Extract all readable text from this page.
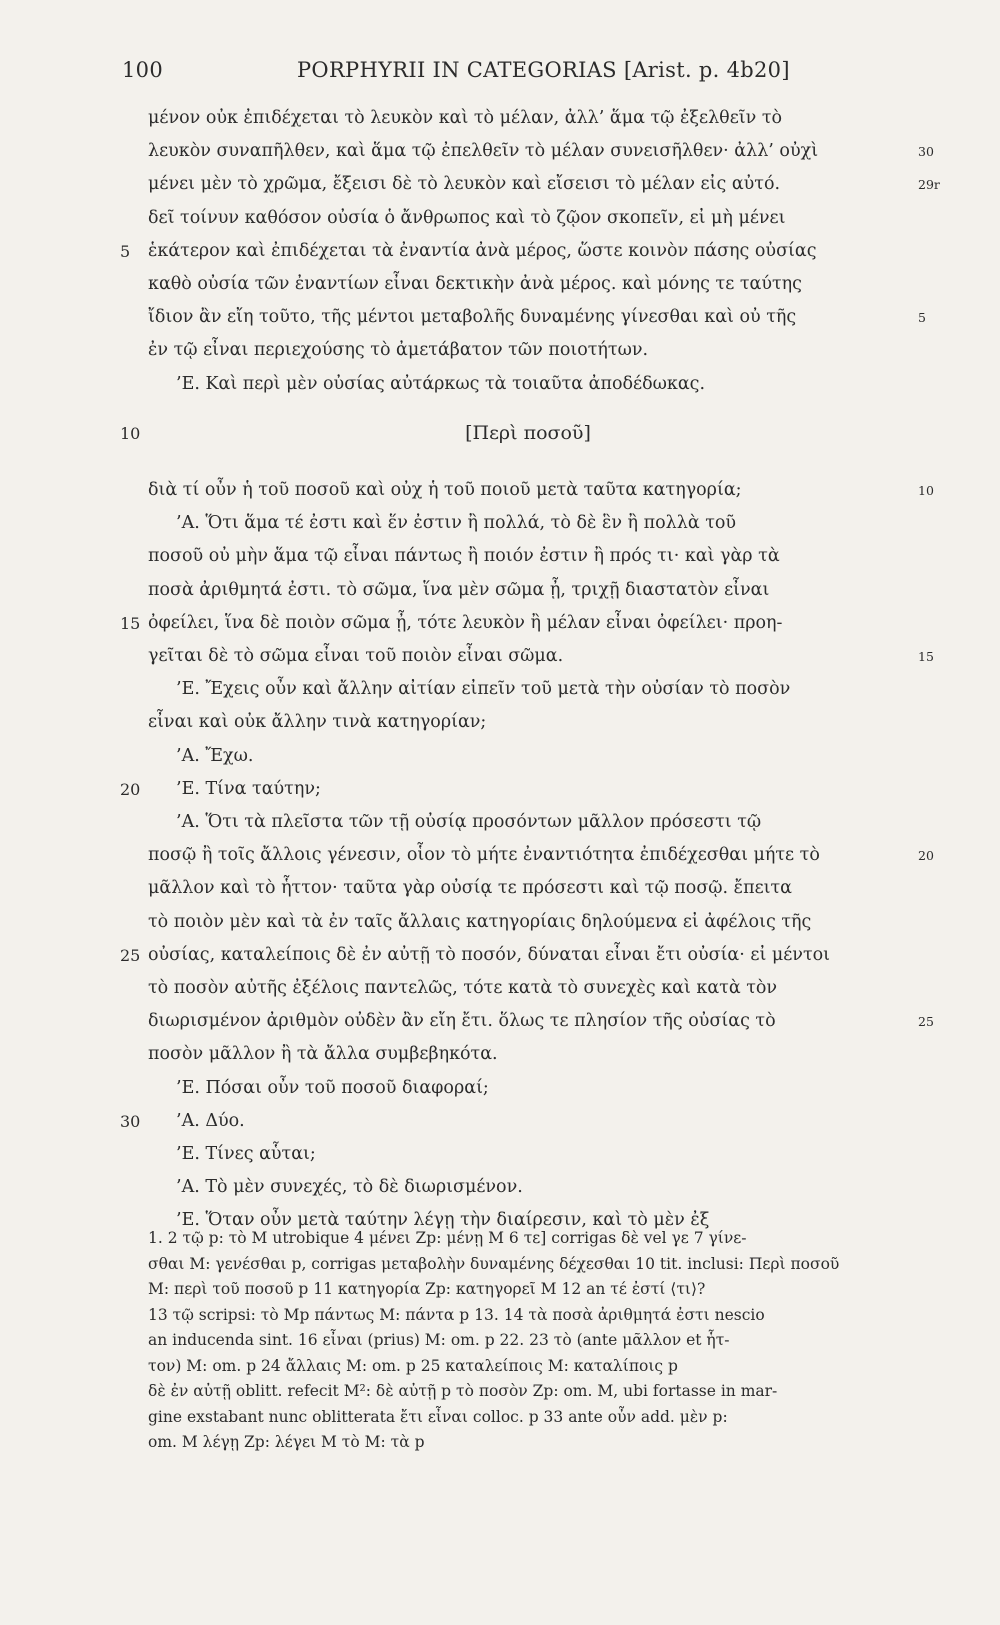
100	PORPHYRII IN CATEGORIAS [Arist. p. 4b20]
μένον οὐκ ἐπιδέχεται τὸ λευκὸν καὶ τὸ μέλαν, ἀλλ’ ἅμα τῷ ἐξελθεῖν τὸ
λευκὸν συναπῆλθεν, καὶ ἅμα τῷ ἐπελθεῖν τὸ μέλαν συνεισῆλθεν· ἀλλ’ οὐχὶ	30
μένει μὲν τὸ χρῶμα, ἔξεισι δὲ τὸ λευκὸν καὶ εἴσεισι τὸ μέλαν εἰς αὐτό.	29r
δεῖ τοίνυν καθόσον οὐσία ὁ ἄνθρωπος καὶ τὸ ζῷον σκοπεῖν, εἰ μὴ μένει
ἑκάτερον καὶ ἐπιδέχεται τὰ ἐναντία ἀνὰ μέρος, ὥστε κοινὸν πάσης οὐσίας
5
καθὸ οὐσία τῶν ἐναντίων εἶναι δεκτικὴν ἀνὰ μέρος. καὶ μόνης τε ταύτης
ἴδιον ἂν εἴη τοῦτο, τῆς μέντοι μεταβολῆς δυναμένης γίνεσθαι καὶ οὐ τῆς	5
ἐν τῷ εἶναι περιεχούσης τὸ ἀμετάβατον τῶν ποιοτήτων.
’Ε. Καὶ περὶ μὲν οὐσίας αὐτάρκως τὰ τοιαῦτα ἀποδέδωκας.
10	[Περὶ ποσοῦ]
διὰ τί οὖν ἡ τοῦ ποσοῦ καὶ οὐχ ἡ τοῦ ποιοῦ μετὰ ταῦτα κατηγορία;	10
’Α. Ὅτι ἅμα τέ ἐστι καὶ ἕν ἐστιν ἢ πολλά, τὸ δὲ ἓν ἢ πολλὰ τοῦ
ποσοῦ οὐ μὴν ἅμα τῷ εἶναι πάντως ἢ ποιόν ἐστιν ἢ πρός τι· καὶ γὰρ τὰ
ποσὰ ἀριθμητά ἐστι. τὸ σῶμα, ἵνα μὲν σῶμα ᾖ, τριχῇ διαστατὸν εἶναι
ὀφείλει, ἵνα δὲ ποιὸν σῶμα ᾖ, τότε λευκὸν ἢ μέλαν εἶναι ὀφείλει· προη-
15
γεῖται δὲ τὸ σῶμα εἶναι τοῦ ποιὸν εἶναι σῶμα.	15
’Ε. Ἔχεις οὖν καὶ ἄλλην αἰτίαν εἰπεῖν τοῦ μετὰ τὴν οὐσίαν τὸ ποσὸν
εἶναι καὶ οὐκ ἄλλην τινὰ κατηγορίαν;
’Α. Ἔχω.
’Ε. Τίνα ταύτην;
20
’Α. Ὅτι τὰ πλεῖστα τῶν τῇ οὐσίᾳ προσόντων μᾶλλον πρόσεστι τῷ
ποσῷ ἢ τοῖς ἄλλοις γένεσιν, οἷον τὸ μήτε ἐναντιότητα ἐπιδέχεσθαι μήτε τὸ	20
μᾶλλον καὶ τὸ ἧττον· ταῦτα γὰρ οὐσίᾳ τε πρόσεστι καὶ τῷ ποσῷ. ἔπειτα
τὸ ποιὸν μὲν καὶ τὰ ἐν ταῖς ἄλλαις κατηγορίαις δηλούμενα εἰ ἀφέλοις τῆς
οὐσίας, καταλείποις δὲ ἐν αὐτῇ τὸ ποσόν, δύναται εἶναι ἔτι οὐσία· εἰ μέντοι
25
τὸ ποσὸν αὐτῆς ἐξέλοις παντελῶς, τότε κατὰ τὸ συνεχὲς καὶ κατὰ τὸν
διωρισμένον ἀριθμὸν οὐδὲν ἂν εἴη ἔτι. ὅλως τε πλησίον τῆς οὐσίας τὸ	25
ποσὸν μᾶλλον ἢ τὰ ἄλλα συμβεβηκότα.
’Ε. Πόσαι οὖν τοῦ ποσοῦ διαφοραί;
’Α. Δύο.
30
’Ε. Τίνες αὗται;
’Α. Τὸ μὲν συνεχές, τὸ δὲ διωρισμένον.
’Ε. Ὅταν οὖν μετὰ ταύτην λέγῃ τὴν διαίρεσιν, καὶ τὸ μὲν ἐξ
1. 2 τῷ p: τὸ M utrobique 4 μένει Zp: μένῃ M 6 τε] corrigas δὲ vel γε 7 γίνε-
σθαι M: γενέσθαι p, corrigas μεταβολὴν δυναμένης δέχεσθαι 10 tit. inclusi: Περὶ ποσοῦ
M: περὶ τοῦ ποσοῦ p 11 κατηγορία Zp: κατηγορεῖ M 12 an τέ ἐστί ⟨τι⟩?
13 τῷ scripsi: τὸ Mp πάντως M: πάντα p 13. 14 τὰ ποσὰ ἀριθμητά ἐστι nescio
an inducenda sint. 16 εἶναι (prius) M: om. p 22. 23 τὸ (ante μᾶλλον et ἧτ-
τον) M: om. p 24 ἄλλαις M: om. p 25 καταλείποις M: καταλίποις p
δὲ ἐν αὐτῇ oblitt. refecit M²: δὲ αὐτῇ p τὸ ποσὸν Zp: om. M, ubi fortasse in mar-
gine exstabant nunc oblitterata ἔτι εἶναι colloc. p 33 ante οὖν add. μὲν p:
om. M λέγῃ Zp: λέγει M τὸ M: τὰ p
